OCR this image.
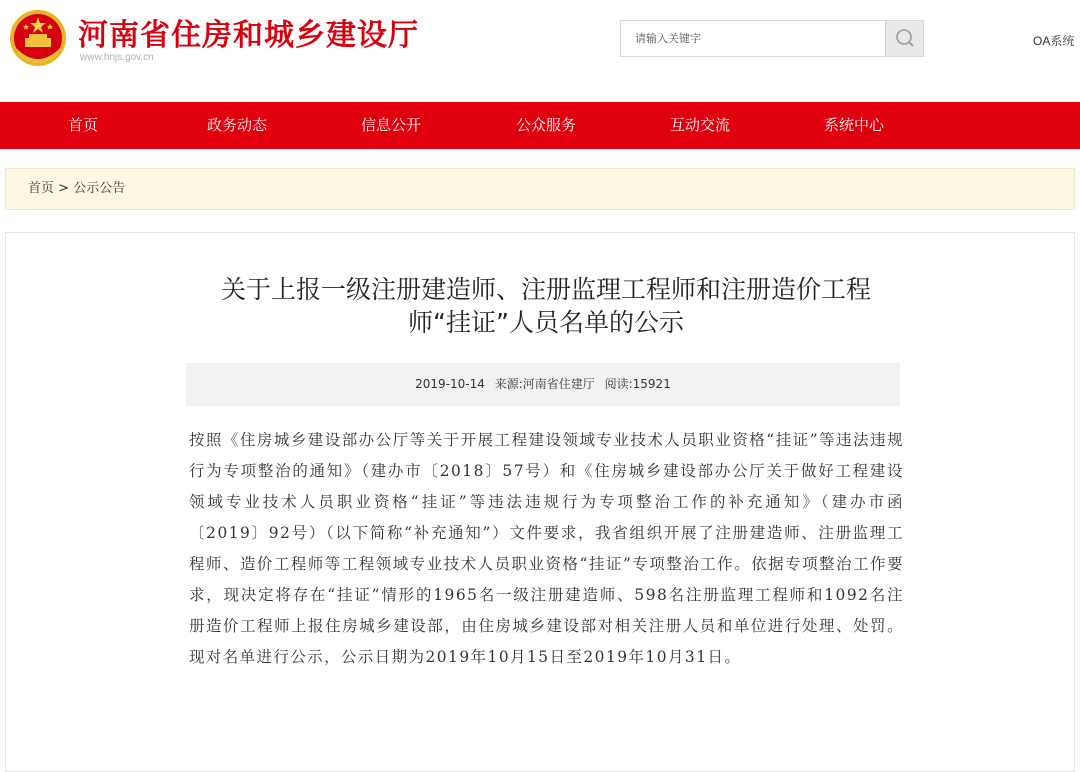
河南省住房和城乡建设厅
www.hnjs.gov.cn
请输入关键字
OA系统
首页	政务动态	信息公开	公众服务	互动交流	系统中心
首页 > 公示公告
关于上报一级注册建造师、注册监理工程师和注册造价工程
师“挂证”人员名单的公示
2019-10-14 来源:河南省住建厅 阅读:15921

按照《住房城乡建设部办公厅等关于开展工程建设领域专业技术人员职业资格“挂证”等违法违规行为专项整治的通知》（建办市〔2018〕57号）和《住房城乡建设部办公厅关于做好工程建设领域专业技术人员职业资格“挂证”等违法违规行为专项整治工作的补充通知》（建办市函〔2019〕92号）（以下简称“补充通知”）文件要求，我省组织开展了注册建造师、注册监理工程师、造价工程师等工程领域专业技术人员职业资格“挂证”专项整治工作。依据专项整治工作要求，现决定将存在“挂证”情形的1965名一级注册建造师、598名注册监理工程师和1092名注册造价工程师上报住房城乡建设部，由住房城乡建设部对相关注册人员和单位进行处理、处罚。现对名单进行公示，公示日期为2019年10月15日至2019年10月31日。
